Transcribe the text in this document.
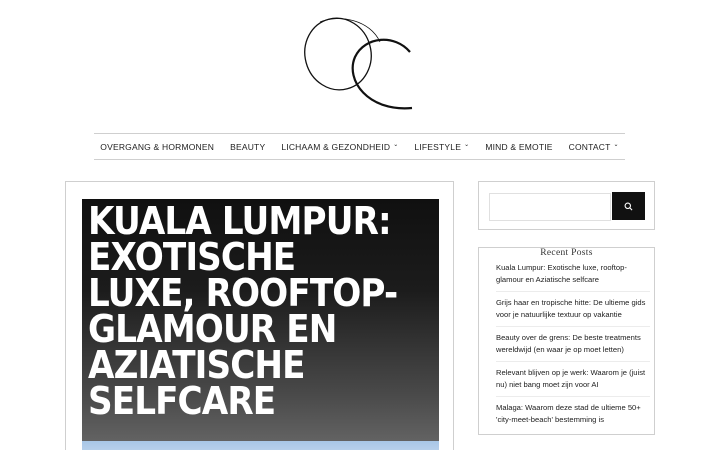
OVERGANG & HORMONEN BEAUTY LICHAAM & GEZONDHEID ⌄ LIFESTYLE ⌄ MIND & EMOTIE CONTACT ⌄
KUALA LUMPUR: EXOTISCHE LUXE, ROOFTOP-GLAMOUR EN AZIATISCHE SELFCARE
Recent Posts
Kuala Lumpur: Exotische luxe, rooftop-glamour en Aziatische selfcare
Grijs haar en tropische hitte: De ultieme gids voor je natuurlijke textuur op vakantie
Beauty over de grens: De beste treatments wereldwijd (en waar je op moet letten)
Relevant blijven op je werk: Waarom je (juist nu) niet bang moet zijn voor AI
Malaga: Waarom deze stad de ultieme 50+ 'city-meet-beach' bestemming is
